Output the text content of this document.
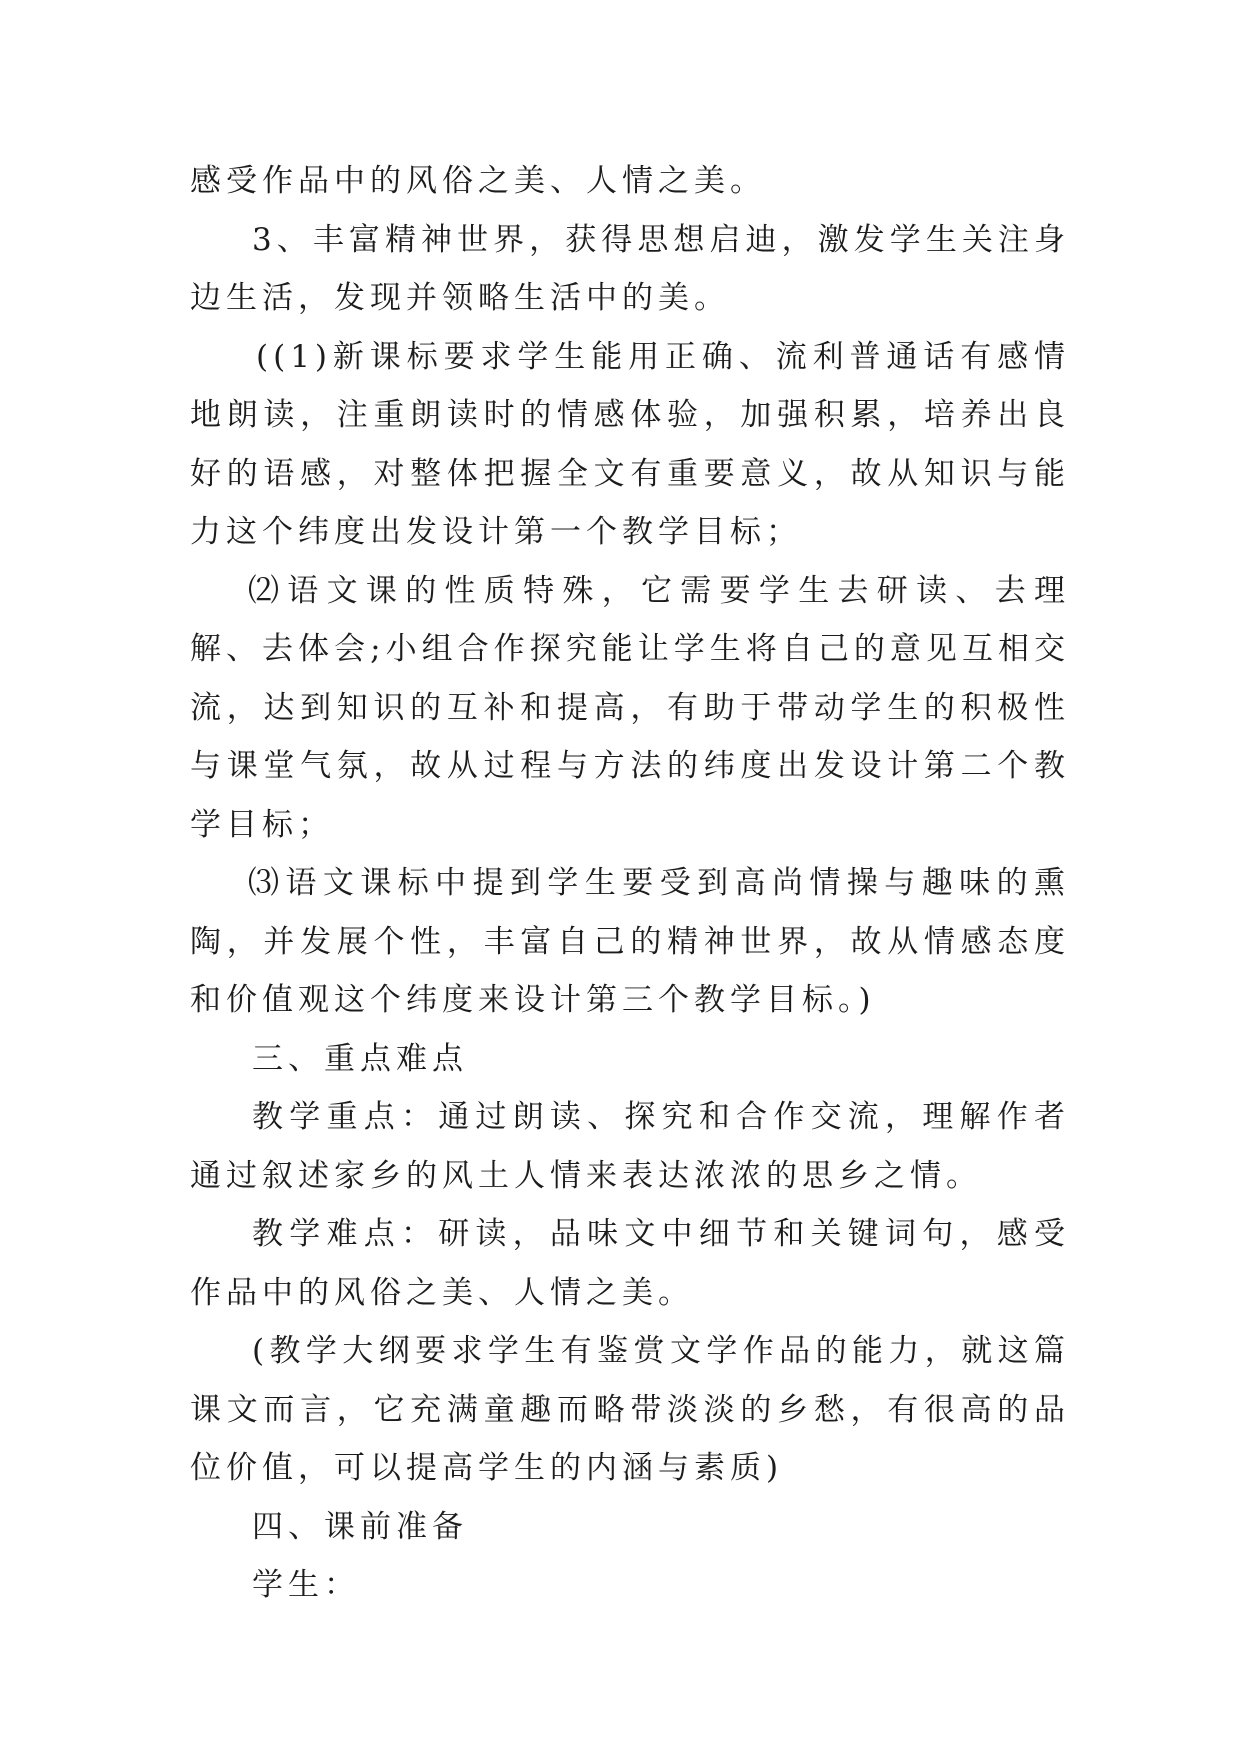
感受作品中的风俗之美、人情之美。

3、丰富精神世界，获得思想启迪，激发学生关注身边生活，发现并领略生活中的美。

((1)新课标要求学生能用正确、流利普通话有感情地朗读，注重朗读时的情感体验，加强积累，培养出良好的语感，对整体把握全文有重要意义，故从知识与能力这个纬度出发设计第一个教学目标；

⑵语文课的性质特殊，它需要学生去研读、去理解、去体会;小组合作探究能让学生将自己的意见互相交流，达到知识的互补和提高，有助于带动学生的积极性与课堂气氛，故从过程与方法的纬度出发设计第二个教学目标；

⑶语文课标中提到学生要受到高尚情操与趣味的熏陶，并发展个性，丰富自己的精神世界，故从情感态度和价值观这个纬度来设计第三个教学目标。)

三、重点难点

教学重点：通过朗读、探究和合作交流，理解作者通过叙述家乡的风土人情来表达浓浓的思乡之情。

教学难点：研读，品味文中细节和关键词句，感受作品中的风俗之美、人情之美。

(教学大纲要求学生有鉴赏文学作品的能力，就这篇课文而言，它充满童趣而略带淡淡的乡愁，有很高的品位价值，可以提高学生的内涵与素质)

四、课前准备

学生：
